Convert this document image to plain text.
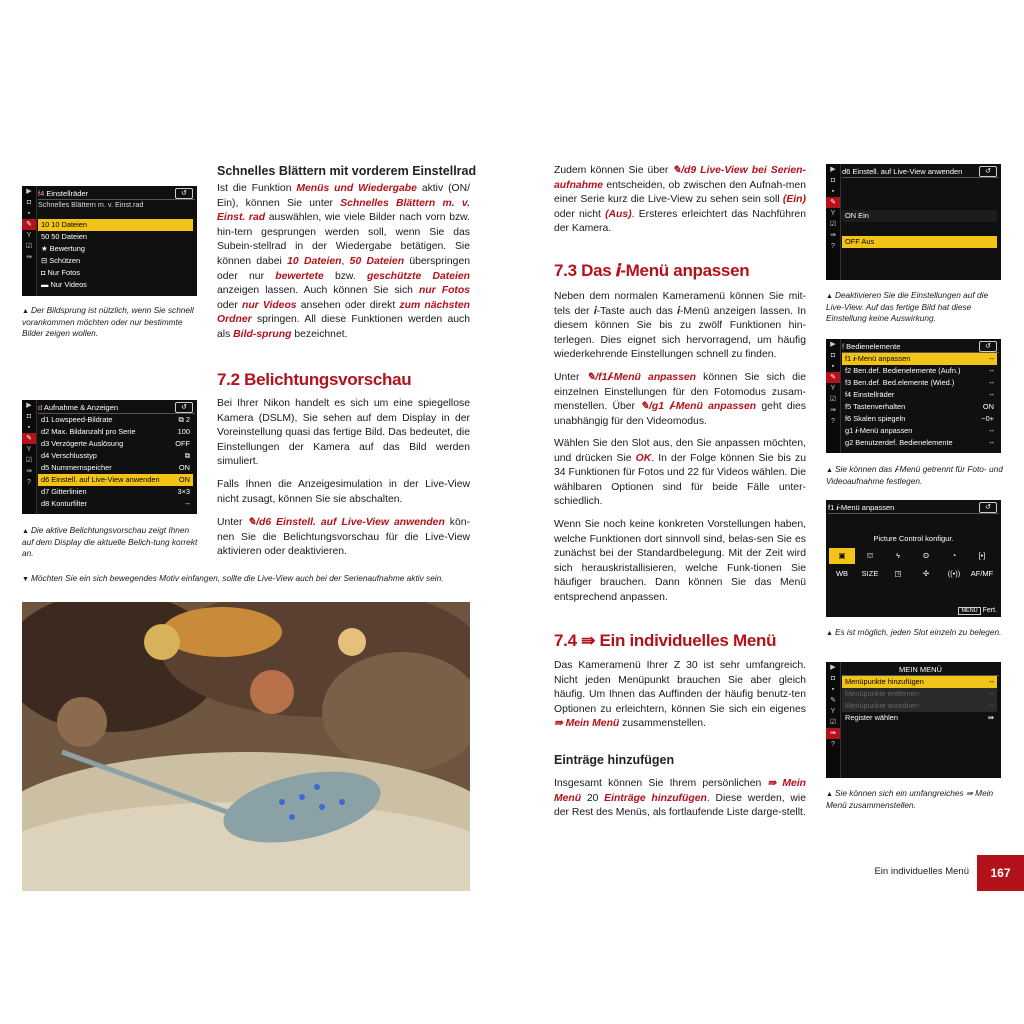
▶
◘
▪
✎
Y
☑
⇛
f4 Einstellräder	↺
Schnelles Blättern m. v. Einst.rad
10 10 Dateien
50 50 Dateien
★ Bewertung
⊟ Schützen
◘ Nur Fotos
▬ Nur Videos
▲ Der Bildsprung ist nützlich, wenn Sie schnell vorankommen möchten oder nur bestimmte Bilder zeigen wollen.
Schnelles Blättern mit vorderem Einstellrad
Ist die Funktion Menüs und Wiedergabe aktiv (ON/ Ein), können Sie unter Schnelles Blättern m. v. Einst. rad auswählen, wie viele Bilder nach vorn bzw. hin-tern gesprungen werden soll, wenn Sie das Subein-stellrad in der Wiedergabe betätigen. Sie können dabei 10 Dateien, 50 Dateien überspringen oder nur bewertete bzw. geschützte Dateien anzeigen lassen. Auch können Sie sich nur Fotos oder nur Videos ansehen oder direkt zum nächsten Ordner springen. All diese Funktionen werden auch als Bild-sprung bezeichnet.
7.2 Belichtungsvorschau
Bei Ihrer Nikon handelt es sich um eine spiegellose Kamera (DSLM), Sie sehen auf dem Display in der Voreinstellung quasi das fertige Bild. Das bedeutet, die Einstellungen der Kamera auf das Bild werden simuliert.
Falls Ihnen die Anzeigesimulation in der Live-View nicht zusagt, können Sie sie abschalten.
Unter ✎/d6 Einstell. auf Live-View anwenden kön-nen Sie die Belichtungsvorschau für die Live-View aktivieren oder deaktivieren.
▶
◘
▪
✎
Y
☑
⇛
?
d Aufnahme & Anzeigen	↺
d1 Lowspeed-Bildrate	⧉ 2
d2 Max. Bildanzahl pro Serie	100
d3 Verzögerte Auslösung	OFF
d4 Verschlusstyp	⧉
d5 Nummernspeicher	ON
d6 Einstell. auf Live-View anwenden	ON
d7 Gitterlinien	3×3
d8 Konturfilter	--
▲ Die aktive Belichtungsvorschau zeigt Ihnen auf dem Display die aktuelle Belich-tung korrekt an.
▼ Möchten Sie ein sich bewegendes Motiv einfangen, sollte die Live-View auch bei der Serienaufnahme aktiv sein.
Zudem können Sie über ✎/d9 Live-View bei Serien-aufnahme entscheiden, ob zwischen den Aufnah-men einer Serie kurz die Live-View zu sehen sein soll (Ein) oder nicht (Aus). Ersteres erleichtert das Nachführen der Kamera.
7.3 Das 𝒊-Menü anpassen
Neben dem normalen Kameramenü können Sie mit-tels der 𝒊-Taste auch das 𝒊-Menü anzeigen lassen. In diesem können Sie bis zu zwölf Funktionen hin-terlegen. Dies eignet sich hervorragend, um häufig wiederkehrende Einstellungen schnell zu finden.
Unter ✎/f1𝒊-Menü anpassen können Sie sich die einzelnen Einstellungen für den Fotomodus zusam-menstellen. Über ✎/g1 𝒊-Menü anpassen geht dies unabhängig für den Videomodus.
Wählen Sie den Slot aus, den Sie anpassen möchten, und drücken Sie OK. In der Folge können Sie bis zu 34 Funktionen für Fotos und 22 für Videos wählen. Die wählbaren Optionen sind für beide Fälle unter-schiedlich.
Wenn Sie noch keine konkreten Vorstellungen haben, welche Funktionen dort sinnvoll sind, belas-sen Sie es zunächst bei der Standardbelegung. Mit der Zeit wird sich herauskristallisieren, welche Funk-tionen Sie häufiger brauchen. Dann können Sie das Menü entsprechend anpassen.
7.4 ⇛ Ein individuelles Menü
Das Kameramenü Ihrer Z 30 ist sehr umfangreich. Nicht jeden Menüpunkt brauchen Sie aber gleich häufig. Um Ihnen das Auffinden der häufig benutz-ten Optionen zu erleichtern, können Sie sich ein eigenes ⇛ Mein Menü zusammenstellen.
Einträge hinzufügen
Insgesamt können Sie Ihrem persönlichen ⇛ Mein Menü 20 Einträge hinzufügen. Diese werden, wie der Rest des Menüs, als fortlaufende Liste darge-stellt.
▶
◘
▪
✎
Y
☑
⇛
?
d6 Einstell. auf Live-View anwenden	↺
ON Ein
OFF Aus
▲ Deaktivieren Sie die Einstellungen auf die Live-View. Auf das fertige Bild hat diese Einstellung keine Auswirkung.
▶
◘
▪
✎
Y
☑
⇛
?
f Bedienelemente	↺
f1 𝒊-Menü anpassen	--
f2 Ben.def. Bedienelemente (Aufn.)	--
f3 Ben.def. Bed.elemente (Wied.)	--
f4 Einstellräder	--
f5 Tastenverhalten	ON
f6 Skalen spiegeln	−0+
g1 𝒊-Menü anpassen	--
g2 Benutzerdef. Bedienelemente	--
▲ Sie können das 𝒊-Menü getrennt für Foto- und Videoaufnahme festlegen.
f1 𝒊-Menü anpassen	↺
Picture Control konfigur.
▣	⛫	ϟ	ʘ	◔	[•]
WB	SIZE	◳	✣	((•))	AF/MF
MENU Fert.
▲ Es ist möglich, jeden Slot einzeln zu belegen.
▶
◘
▪
✎
Y
☑
⇛
?
MEIN MENÜ
Menüpunkte hinzufügen	--
Menüpunkte entfernen	--
Menüpunkte anordnen	--
Register wählen	⇛
▲ Sie können sich ein umfangreiches ⇛ Mein Menü zusammenstellen.
Ein individuelles Menü	167
